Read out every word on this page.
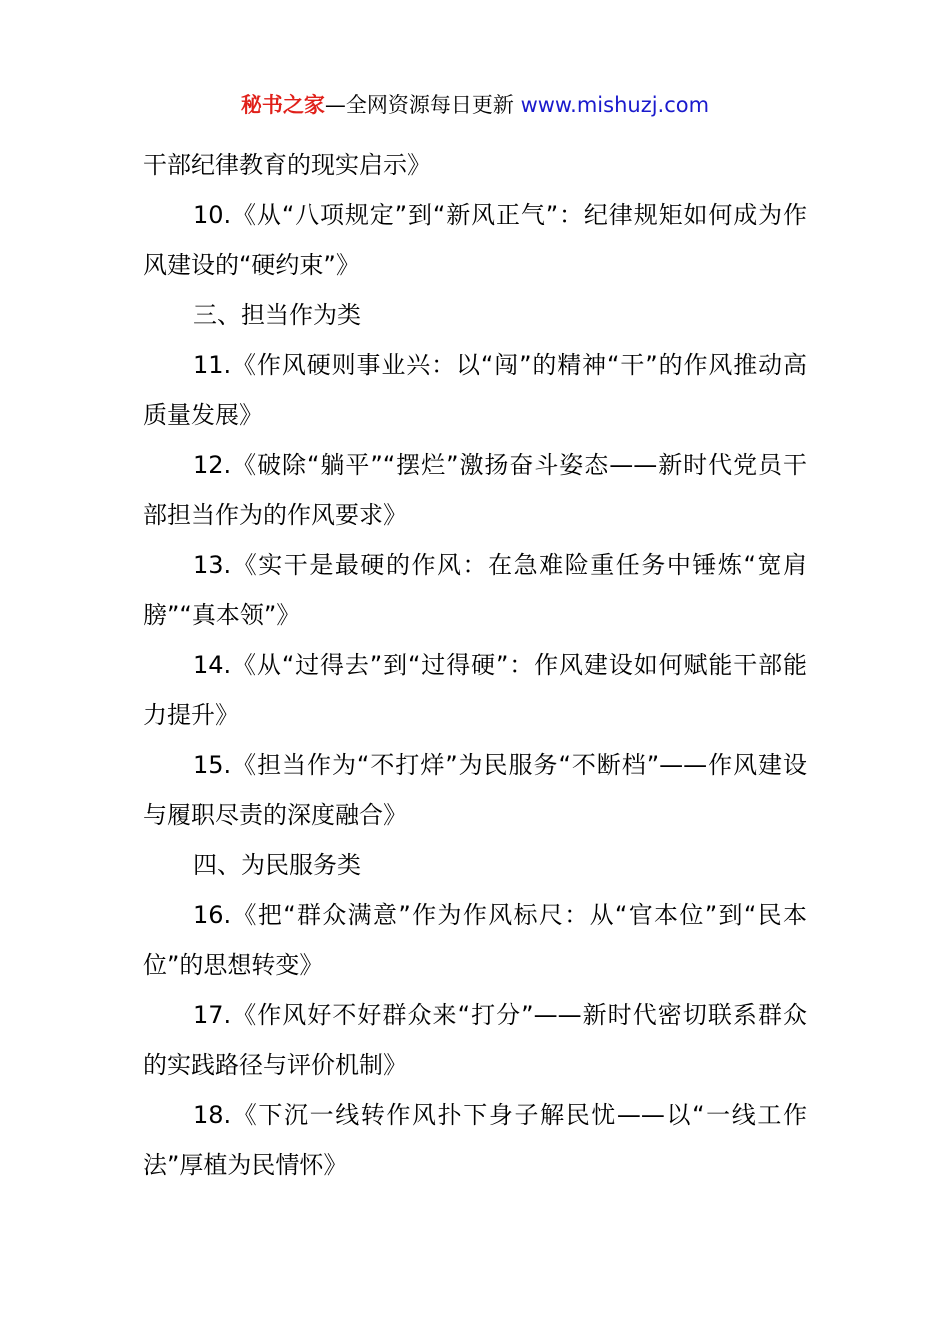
秘书之家—全网资源每日更新 www.mishuzj.com

干部纪律教育的现实启示》

10.《从“八项规定”到“新风正气”：纪律规矩如何成为作风建设的“硬约束”》

三、担当作为类

11.《作风硬则事业兴：以“闯”的精神“干”的作风推动高质量发展》

12.《破除“躺平”“摆烂”激扬奋斗姿态——新时代党员干部担当作为的作风要求》

13.《实干是最硬的作风：在急难险重任务中锤炼“宽肩膀”“真本领”》

14.《从“过得去”到“过得硬”：作风建设如何赋能干部能力提升》

15.《担当作为“不打烊”为民服务“不断档”——作风建设与履职尽责的深度融合》

四、为民服务类

16.《把“群众满意”作为作风标尺：从“官本位”到“民本位”的思想转变》

17.《作风好不好群众来“打分”——新时代密切联系群众的实践路径与评价机制》

18.《下沉一线转作风扑下身子解民忧——以“一线工作法”厚植为民情怀》
